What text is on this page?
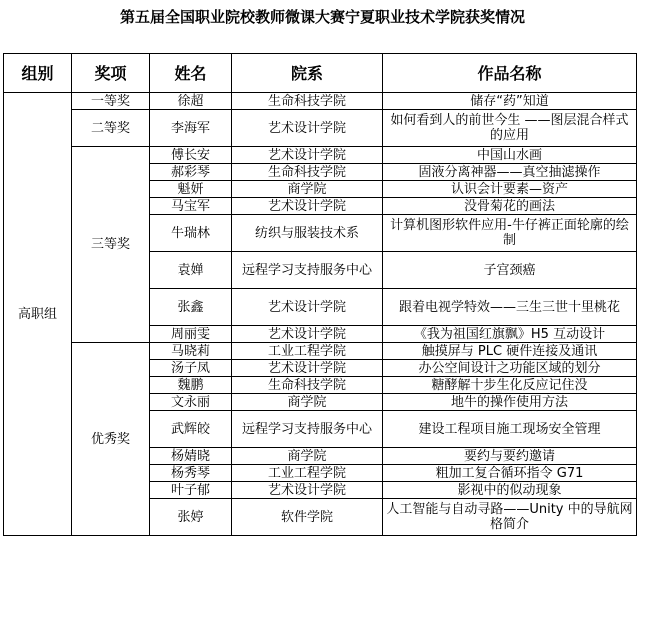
第五届全国职业院校教师微课大赛宁夏职业技术学院获奖情况
组别	奖项	姓名	院系	作品名称
高职组	一等奖	徐超	生命科技学院	储存“药”知道
	二等奖	李海军	艺术设计学院	如何看到人的前世今生 ——图层混合样式的应用
	三等奖	傅长安	艺术设计学院	中国山水画
		郝彩琴	生命科技学院	固液分离神器——真空抽滤操作
		魁妍	商学院	认识会计要素—资产
		马宝军	艺术设计学院	没骨菊花的画法
		牛瑞林	纺织与服装技术系	计算机图形软件应用-牛仔裤正面轮廓的绘制
		袁婵	远程学习支持服务中心	子宫颈癌
		张鑫	艺术设计学院	跟着电视学特效——三生三世十里桃花
		周丽雯	艺术设计学院	《我为祖国红旗飘》H5 互动设计
	优秀奖	马晓莉	工业工程学院	触摸屏与 PLC 硬件连接及通讯
		汤子凤	艺术设计学院	办公空间设计之功能区域的划分
		魏鹏	生命科技学院	糖酵解十步生化反应记住没
		文永丽	商学院	地牛的操作使用方法
		武辉皎	远程学习支持服务中心	建设工程项目施工现场安全管理
		杨婧晓	商学院	要约与要约邀请
		杨秀琴	工业工程学院	粗加工复合循环指令 G71
		叶子郁	艺术设计学院	影视中的似动现象
		张婷	软件学院	人工智能与自动寻路——Unity 中的导航网格简介
